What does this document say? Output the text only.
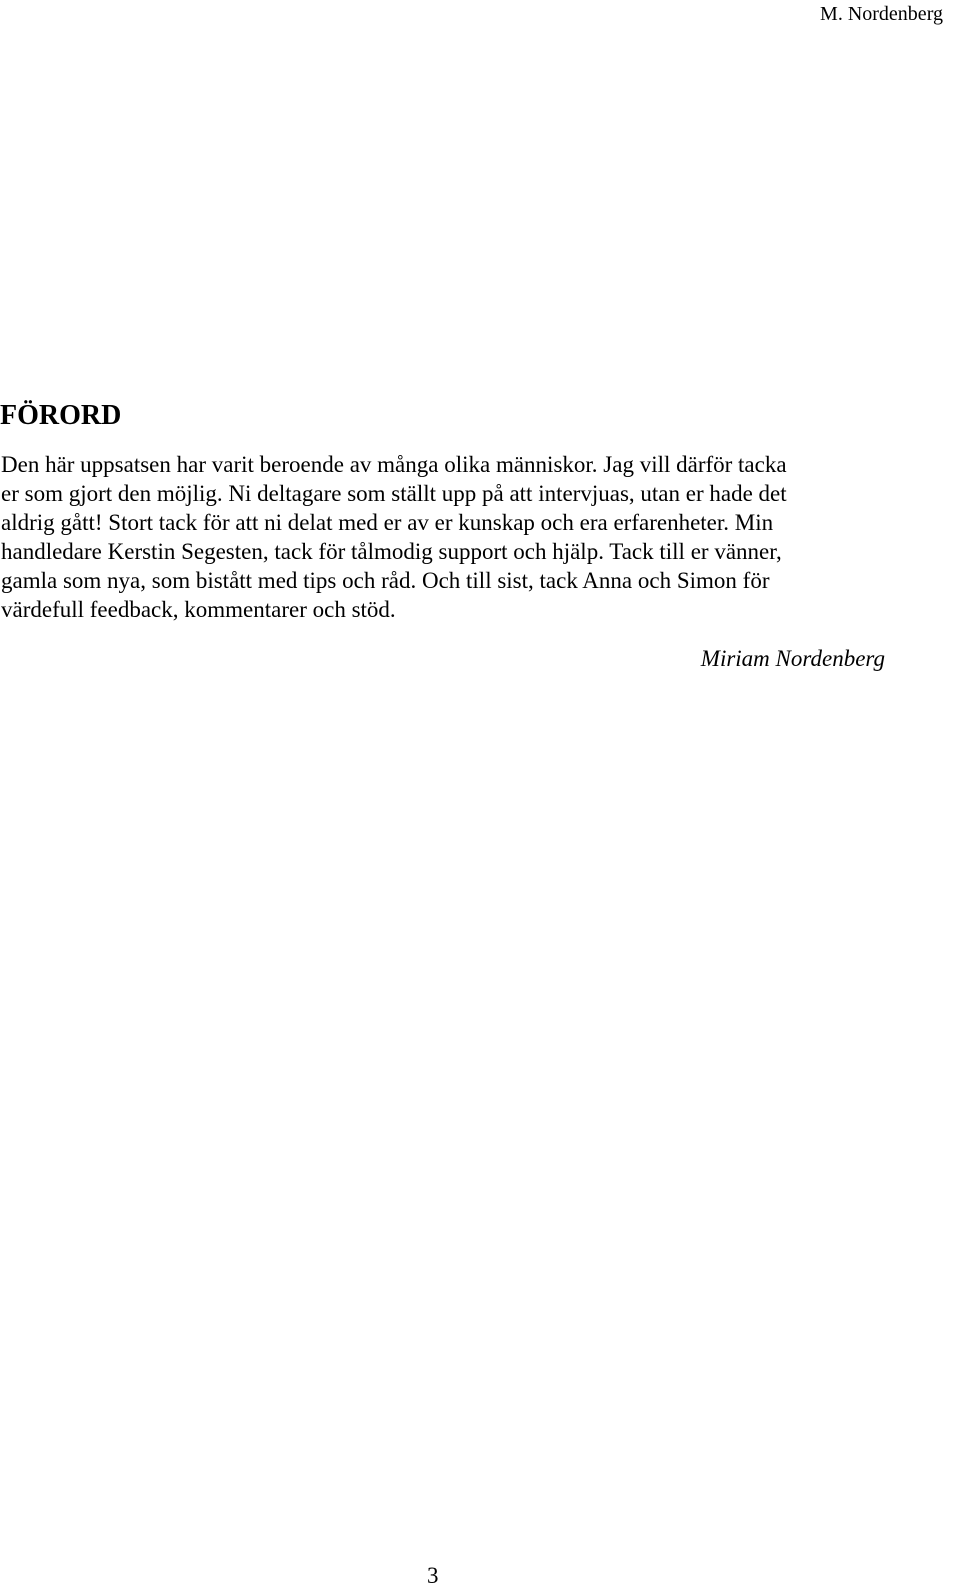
M. Nordenberg
FÖRORD

Den här uppsatsen har varit beroende av många olika människor. Jag vill därför tacka
er som gjort den möjlig. Ni deltagare som ställt upp på att intervjuas, utan er hade det
aldrig gått! Stort tack för att ni delat med er av er kunskap och era erfarenheter. Min
handledare Kerstin Segesten, tack för tålmodig support och hjälp. Tack till er vänner,
gamla som nya, som bistått med tips och råd. Och till sist, tack Anna och Simon för
värdefull feedback, kommentarer och stöd.

Miriam Nordenberg

3
